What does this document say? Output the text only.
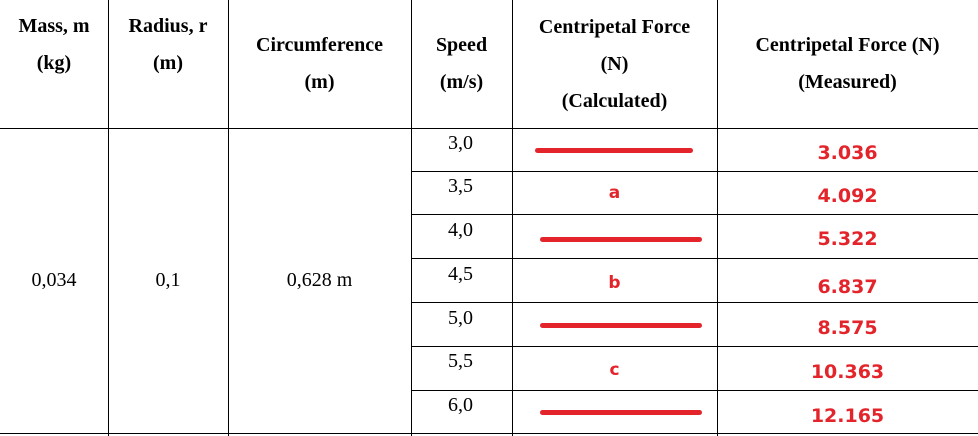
Mass, m
(kg)
Radius, r
(m)
Circumference
(m)
Speed
(m/s)
Centripetal Force
(N)
(Calculated)
Centripetal Force (N)
(Measured)
0,034	0,1	0,628 m
3,0
3,5
4,0
4,5
5,0
5,5
6,0
a
b
c
3.036
4.092
5.322
6.837
8.575
10.363
12.165
